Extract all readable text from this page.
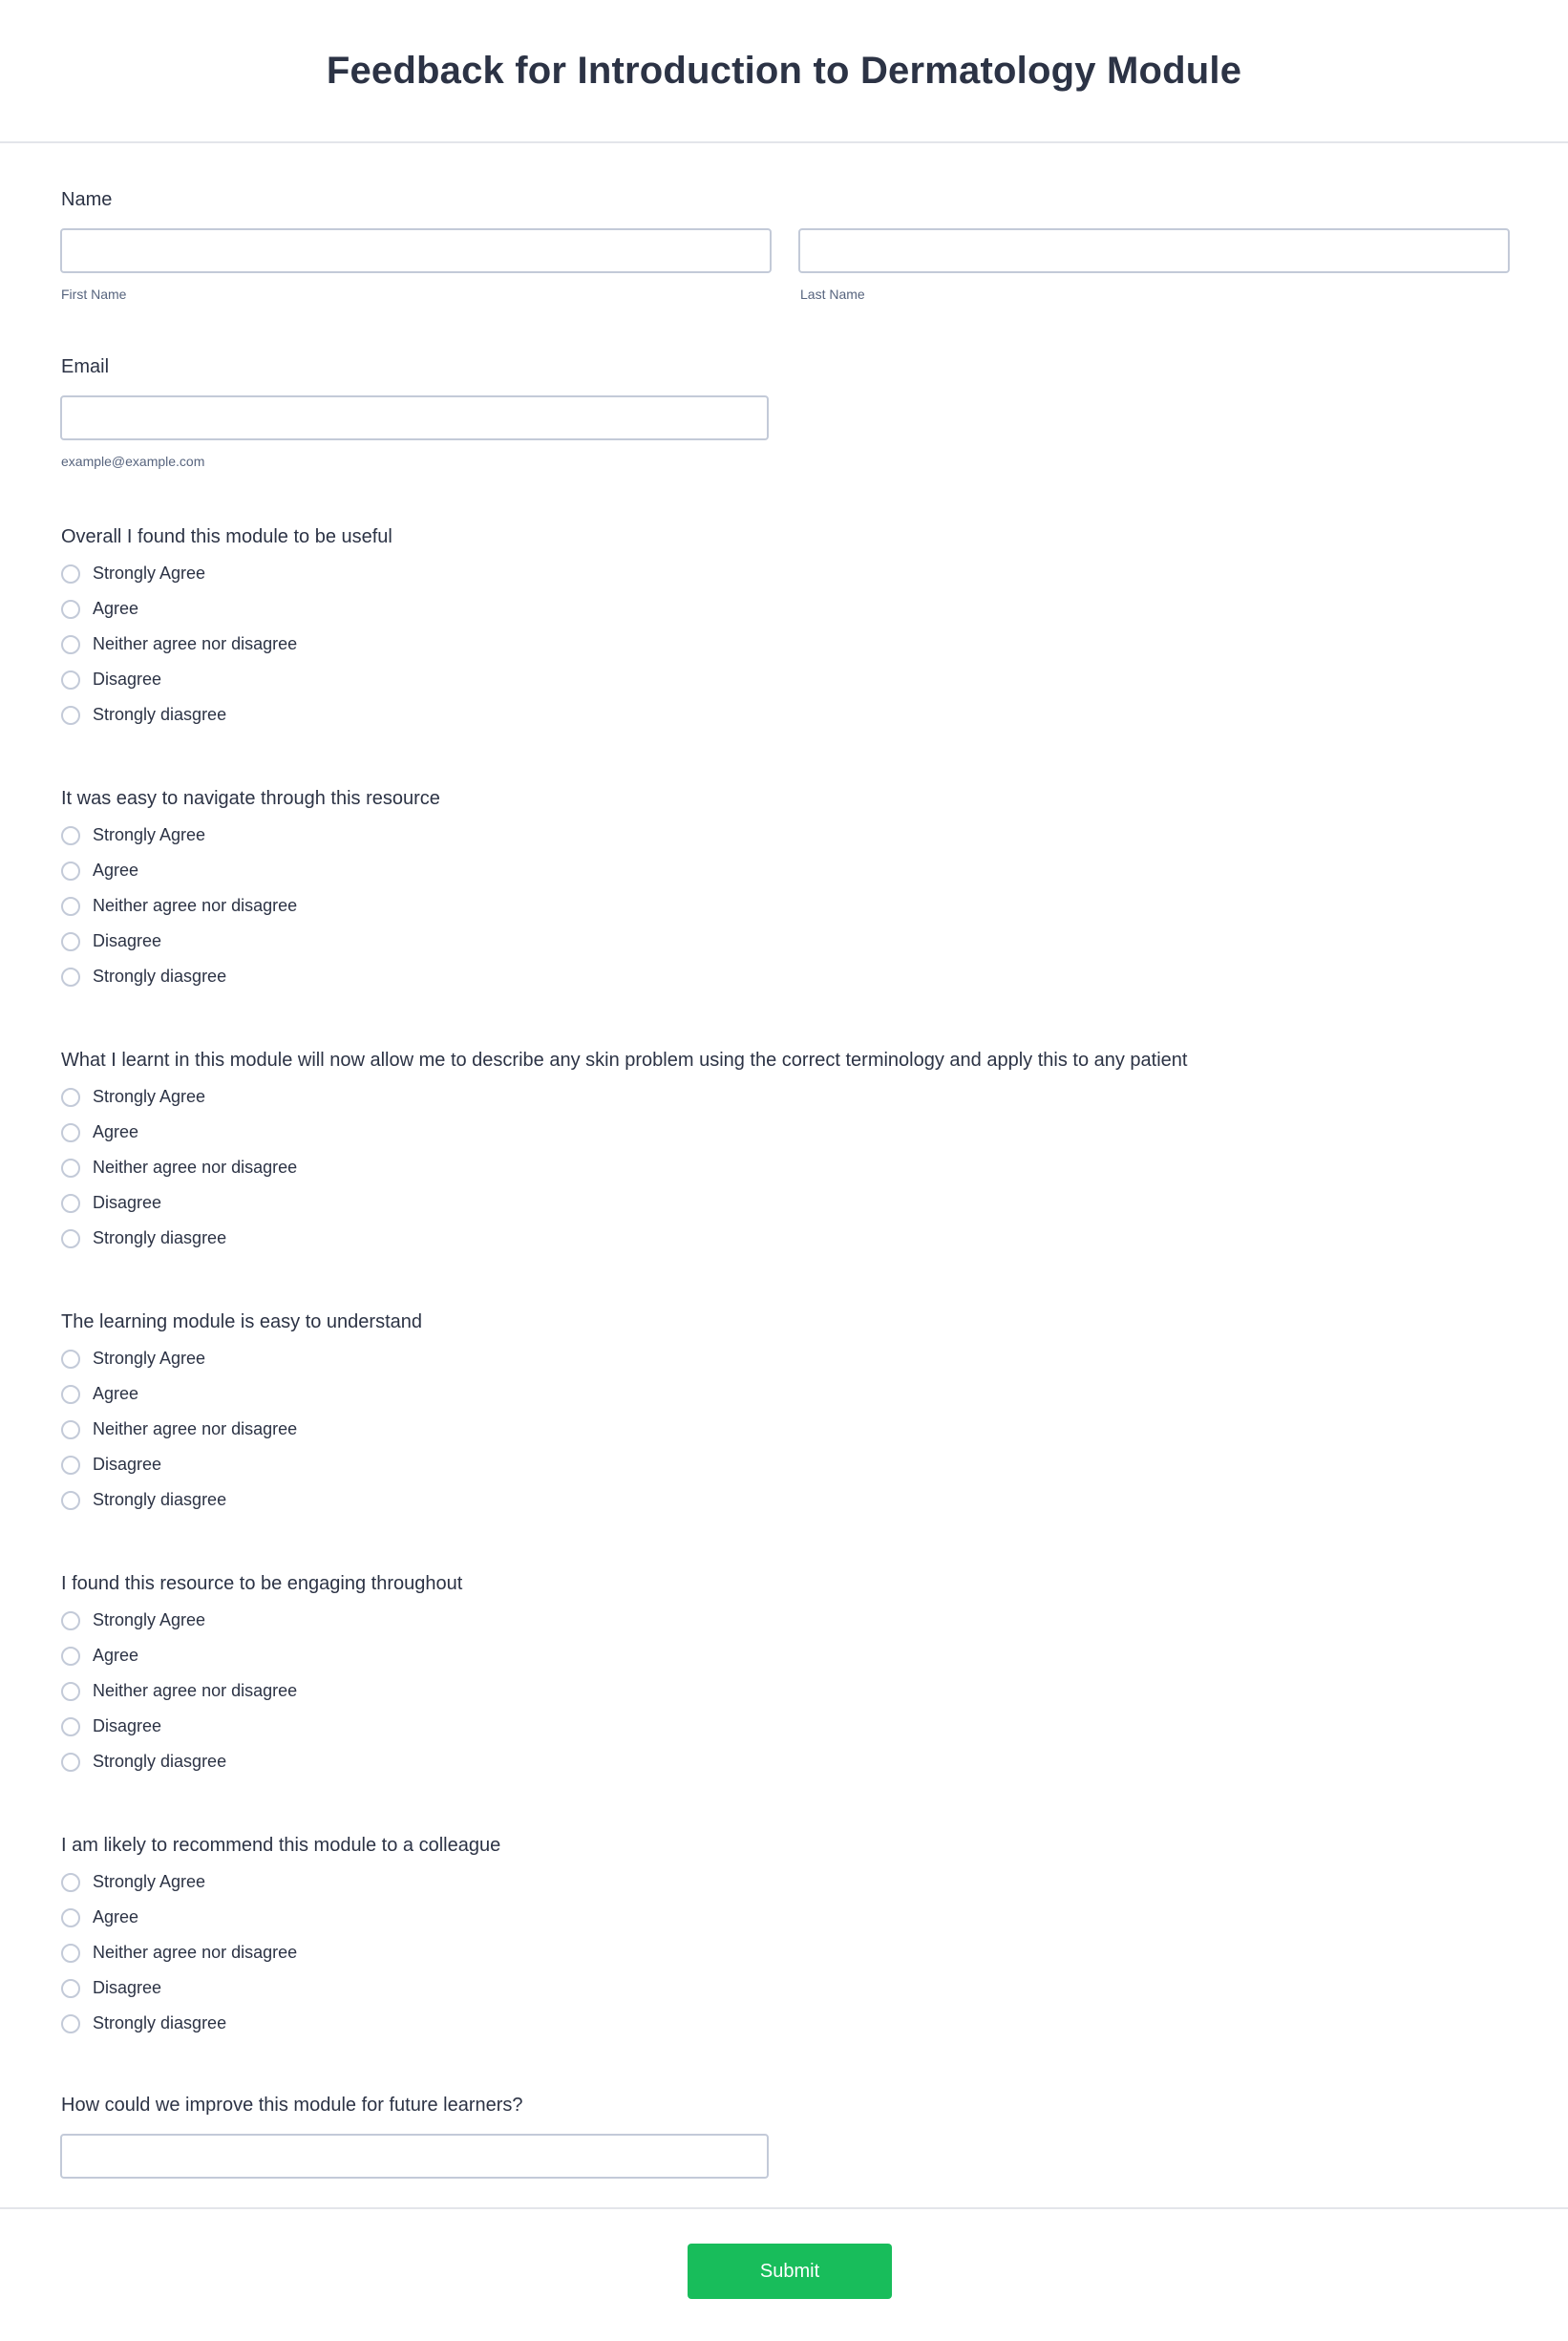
Feedback for Introduction to Dermatology Module
Name
First Name	Last Name
Email
example@example.com
Overall I found this module to be useful
Strongly Agree
Agree
Neither agree nor disagree
Disagree
Strongly diasgree
It was easy to navigate through this resource
Strongly Agree
Agree
Neither agree nor disagree
Disagree
Strongly diasgree
What I learnt in this module will now allow me to describe any skin problem using the correct terminology and apply this to any patient
Strongly Agree
Agree
Neither agree nor disagree
Disagree
Strongly diasgree
The learning module is easy to understand
Strongly Agree
Agree
Neither agree nor disagree
Disagree
Strongly diasgree
I found this resource to be engaging throughout
Strongly Agree
Agree
Neither agree nor disagree
Disagree
Strongly diasgree
I am likely to recommend this module to a colleague
Strongly Agree
Agree
Neither agree nor disagree
Disagree
Strongly diasgree
How could we improve this module for future learners?
Submit
